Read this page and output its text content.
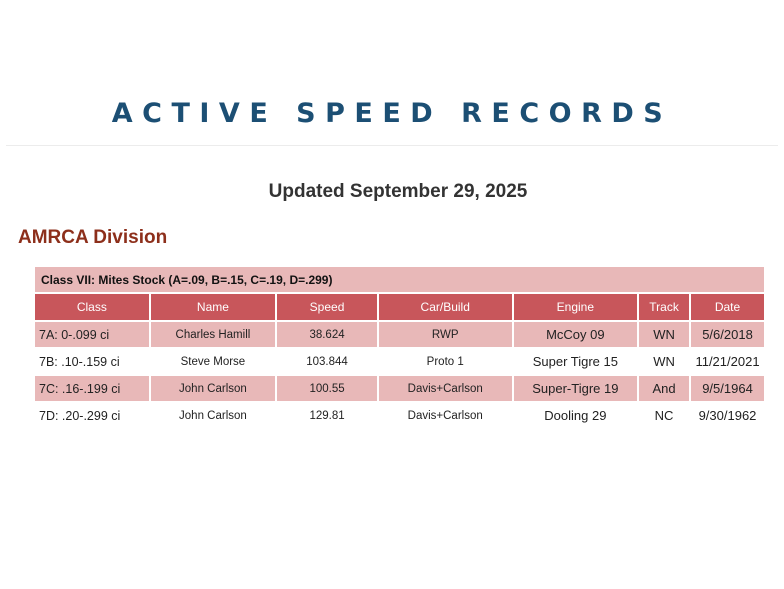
ACTIVE SPEED RECORDS
Updated September 29, 2025
AMRCA Division
Class VII: Mites Stock (A=.09, B=.15, C=.19, D=.299)						
Class	Name	Speed	Car/Build	Engine	Track	Date
7A: 0-.099 ci	Charles Hamill	38.624	RWP	McCoy 09	WN	5/6/2018
7B: .10-.159 ci	Steve Morse	103.844	Proto 1	Super Tigre 15	WN	11/21/2021
7C: .16-.199 ci	John Carlson	100.55	Davis+Carlson	Super-Tigre 19	And	9/5/1964
7D: .20-.299 ci	John Carlson	129.81	Davis+Carlson	Dooling 29	NC	9/30/1962
